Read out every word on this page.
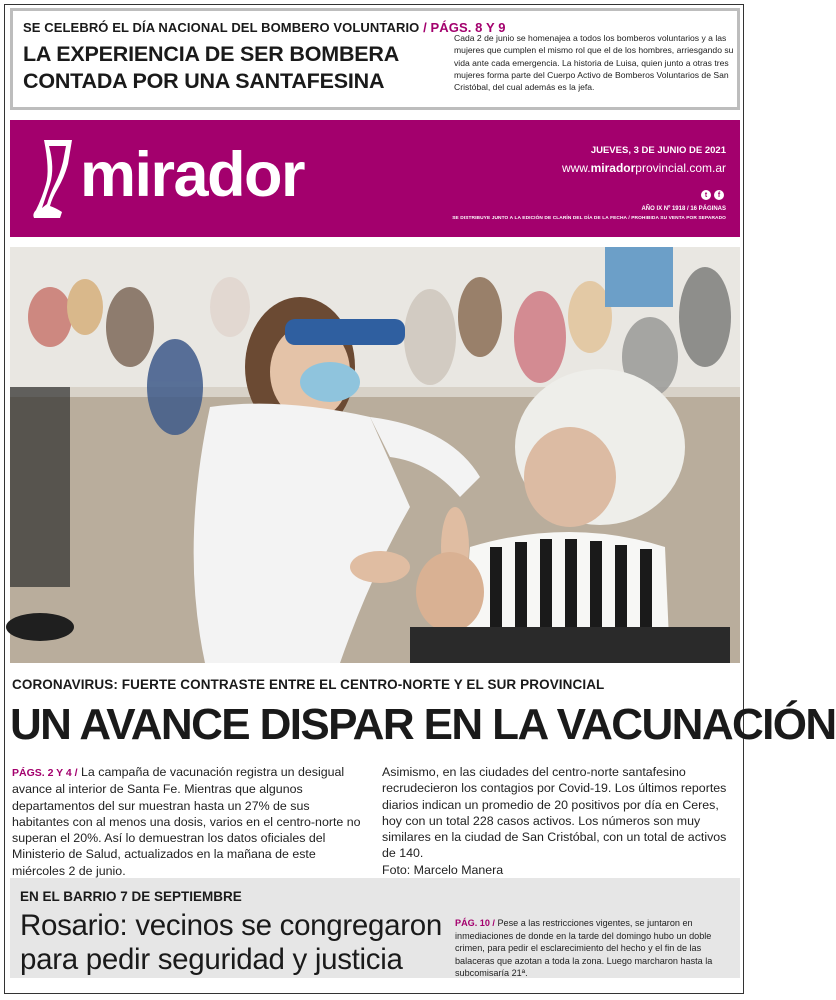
SE CELEBRÓ EL DÍA NACIONAL DEL BOMBERO VOLUNTARIO / PÁGS. 8 Y 9
LA EXPERIENCIA DE SER BOMBERA CONTADA POR UNA SANTAFESINA
Cada 2 de junio se homenajea a todos los bomberos voluntarios y a las mujeres que cumplen el mismo rol que el de los hombres, arriesgando su vida ante cada emergencia. La historia de Luisa, quien junto a otras tres mujeres forma parte del Cuerpo Activo de Bomberos Voluntarios de San Cristóbal, del cual además es la jefa.
mirador	JUEVES, 3 DE JUNIO DE 2021
www.miradorprovincial.com.ar
t	f
AÑO IX Nº 1918 / 16 PÁGINAS
SE DISTRIBUYE JUNTO A LA EDICIÓN DE CLARÍN DEL DÍA DE LA FECHA / PROHIBIDA SU VENTA POR SEPARADO
CORONAVIRUS: FUERTE CONTRASTE ENTRE EL CENTRO-NORTE Y EL SUR PROVINCIAL
UN AVANCE DISPAR EN LA VACUNACIÓN
PÁGS. 2 Y 4 / La campaña de vacunación registra un desigual avance al interior de Santa Fe. Mientras que algunos departamentos del sur muestran hasta un 27% de sus habitantes con al menos una dosis, varios en el centro-norte no superan el 20%. Así lo demuestran los datos oficiales del Ministerio de Salud, actualizados en la mañana de este miércoles 2 de junio.
Asimismo, en las ciudades del centro-norte santafesino recrudecieron los contagios por Covid-19. Los últimos reportes diarios indican un promedio de 20 positivos por día en Ceres, hoy con un total 228 casos activos. Los números son muy similares en la ciudad de San Cristóbal, con un total de activos de 140.
Foto: Marcelo Manera
EN EL BARRIO 7 DE SEPTIEMBRE
Rosario: vecinos se congregaron para pedir seguridad y justicia
PÁG. 10 / Pese a las restricciones vigentes, se juntaron en inmediaciones de donde en la tarde del domingo hubo un doble crimen, para pedir el esclarecimiento del hecho y el fin de las balaceras que azotan a toda la zona. Luego marcharon hasta la subcomisaría 21ª.
